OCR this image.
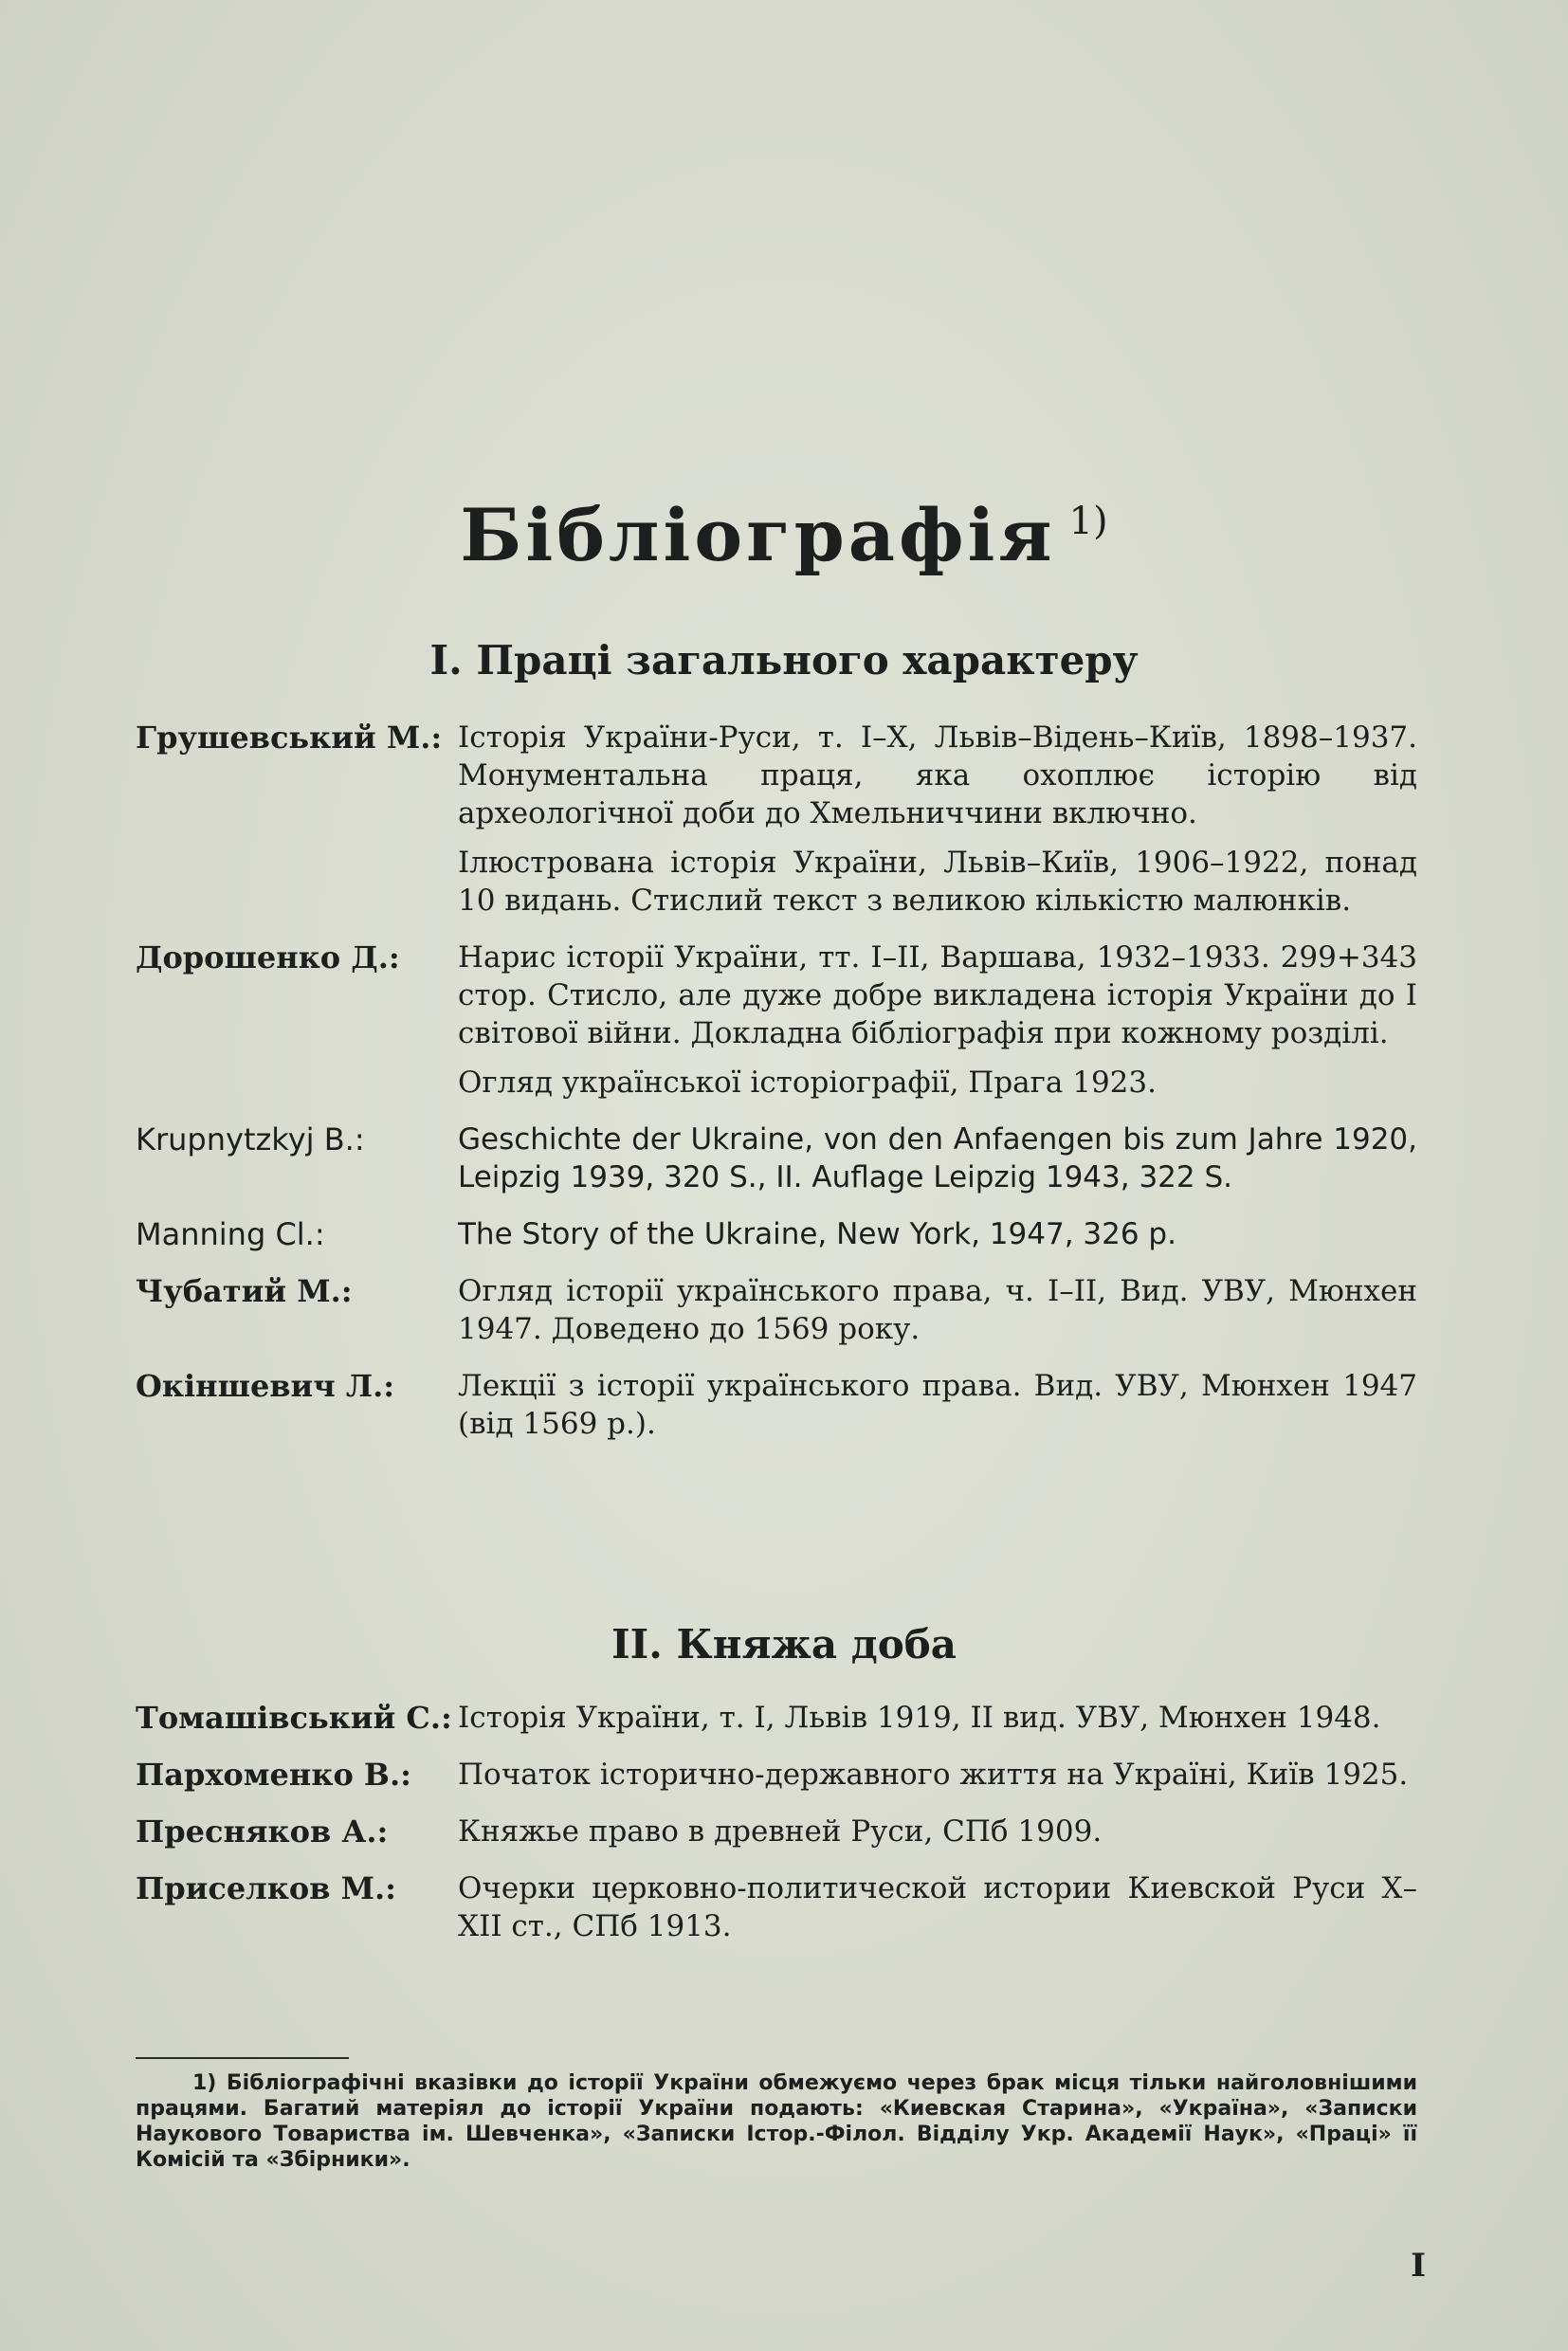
Бібліографія $^{1)}$
І. Праці загального характеру
Грушевський М.: Історія України-Руси, т. І–Х, Львів–Відень–Київ, 1898–1937. Монументальна праця, яка охоплює історію від археологічної доби до Хмельниччини включно.
Ілюстрована історія України, Львів–Київ, 1906–1922, понад 10 видань. Стислий текст з великою кількістю малюнків.
Дорошенко Д.:	Нарис історії України, тт. І–ІІ, Варшава, 1932–1933. 299+343 стор. Стисло, але дуже добре викладена історія України до І світової війни. Докладна бібліографія при кожному розділі.
Огляд української історіографії, Прага 1923.
Krupnytzkyj B.:	Geschichte der Ukraine, von den Anfaengen bis zum Jahre 1920, Leipzig 1939, 320 S., II. Auflage Leipzig 1943, 322 S.
Manning Cl.:	The Story of the Ukraine, New York, 1947, 326 p.
Чубатий М.:	Огляд історії українського права, ч. І–ІІ, Вид. УВУ, Мюнхен 1947. Доведено до 1569 року.
Окіншевич Л.:	Лекції з історії українського права. Вид. УВУ, Мюнхен 1947 (від 1569 р.).
ІІ. Княжа доба
Томашівський С.: Історія України, т. І, Львів 1919, ІІ вид. УВУ, Мюнхен 1948.
Пархоменко В.:	Початок історично-державного життя на Україні, Київ 1925.
Пресняков А.:	Княжье право в древней Руси, СПб 1909.
Приселков М.:	Очерки церковно-политической истории Киевской Руси Х–ХІІ ст., СПб 1913.
1) Бібліографічні вказівки до історії України обмежуємо через брак місця тільки найголовнішими працями. Багатий матеріял до історії України подають: «Киевская Старина», «Україна», «Записки Наукового Товариства ім. Шевченка», «Записки Істор.-Філол. Відділу Укр. Академії Наук», «Праці» її Комісій та «Збірники».
I
